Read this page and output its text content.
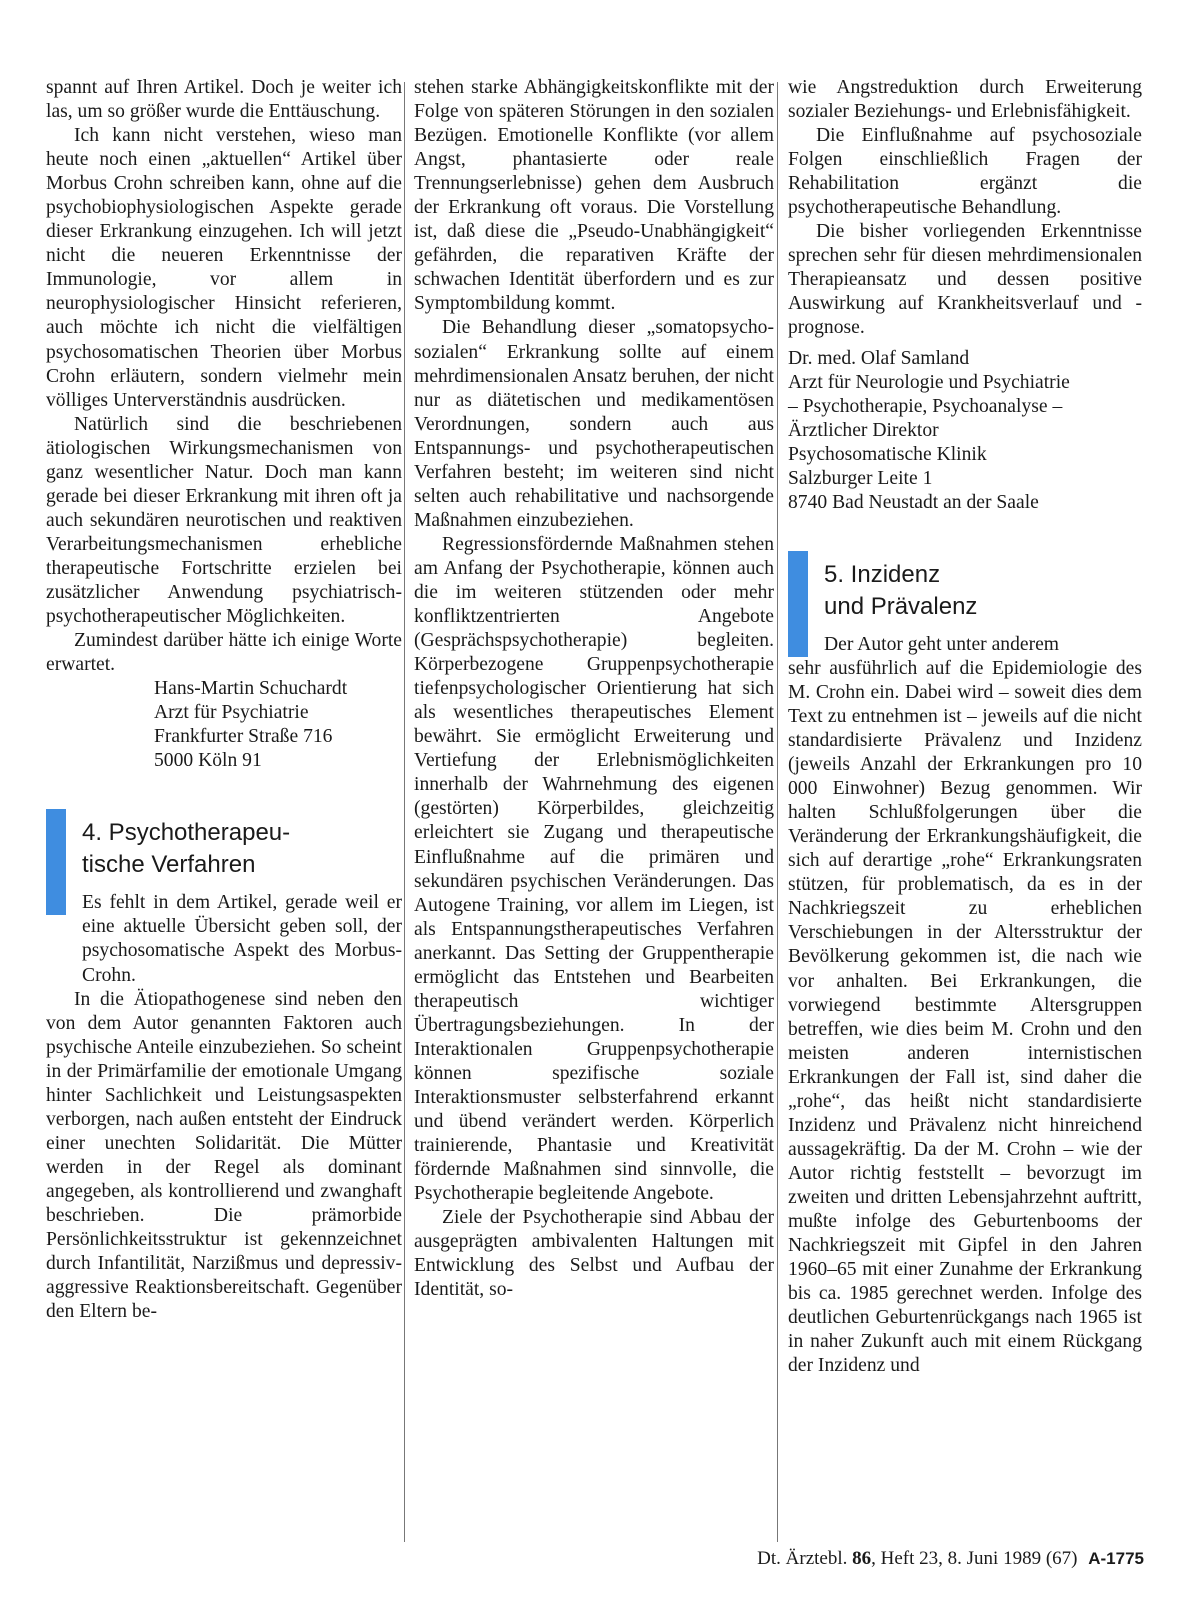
spannt auf Ihren Artikel. Doch je weiter ich las, um so größer wurde die Enttäuschung.

Ich kann nicht verstehen, wieso man heute noch einen „aktuellen“ Artikel über Morbus Crohn schreiben kann, ohne auf die psychobiophysiologischen Aspekte gerade dieser Erkrankung einzugehen. Ich will jetzt nicht die neueren Erkenntnisse der Immunologie, vor allem in neurophysiologischer Hinsicht referieren, auch möchte ich nicht die vielfältigen psychosomatischen Theorien über Morbus Crohn erläutern, sondern vielmehr mein völliges Unterverständnis ausdrücken.

Natürlich sind die beschriebenen ätiologischen Wirkungsmechanismen von ganz wesentlicher Natur. Doch man kann gerade bei dieser Erkrankung mit ihren oft ja auch sekundären neurotischen und reaktiven Verarbeitungsmechanismen erhebliche therapeutische Fortschritte erzielen bei zusätzlicher Anwendung psychiatrisch-psychotherapeutischer Möglichkeiten.

Zumindest darüber hätte ich einige Worte erwartet.

Hans-Martin Schuchardt
Arzt für Psychiatrie
Frankfurter Straße 716
5000 Köln 91
4. Psychotherapeu-
tische Verfahren

Es fehlt in dem Artikel, gerade weil er eine aktuelle Übersicht geben soll, der psychosomatische Aspekt des Morbus-Crohn.

In die Ätiopathogenese sind neben den von dem Autor genannten Faktoren auch psychische Anteile einzubeziehen. So scheint in der Primärfamilie der emotionale Umgang hinter Sachlichkeit und Leistungsaspekten verborgen, nach außen entsteht der Eindruck einer unechten Solidarität. Die Mütter werden in der Regel als dominant angegeben, als kontrollierend und zwanghaft beschrieben. Die prämorbide Persönlichkeitsstruktur ist gekennzeichnet durch Infantilität, Narzißmus und depressiv-aggressive Reaktionsbereitschaft. Gegenüber den Eltern be-

stehen starke Abhängigkeitskonflikte mit der Folge von späteren Störungen in den sozialen Bezügen. Emotionelle Konflikte (vor allem Angst, phantasierte oder reale Trennungserlebnisse) gehen dem Ausbruch der Erkrankung oft voraus. Die Vorstellung ist, daß diese die „Pseudo-Unabhängigkeit“ gefährden, die reparativen Kräfte der schwachen Identität überfordern und es zur Symptombildung kommt.

Die Behandlung dieser „somatopsycho-sozialen“ Erkrankung sollte auf einem mehrdimensionalen Ansatz beruhen, der nicht nur as diätetischen und medikamentösen Verordnungen, sondern auch aus Entspannungs- und psychotherapeutischen Verfahren besteht; im weiteren sind nicht selten auch rehabilitative und nachsorgende Maßnahmen einzubeziehen.

Regressionsfördernde Maßnahmen stehen am Anfang der Psychotherapie, können auch die im weiteren stützenden oder mehr konfliktzentrierten Angebote (Gesprächspsychotherapie) begleiten. Körperbezogene Gruppenpsychotherapie tiefenpsychologischer Orientierung hat sich als wesentliches therapeutisches Element bewährt. Sie ermöglicht Erweiterung und Vertiefung der Erlebnismöglichkeiten innerhalb der Wahrnehmung des eigenen (gestörten) Körperbildes, gleichzeitig erleichtert sie Zugang und therapeutische Einflußnahme auf die primären und sekundären psychischen Veränderungen. Das Autogene Training, vor allem im Liegen, ist als Entspannungstherapeutisches Verfahren anerkannt. Das Setting der Gruppentherapie ermöglicht das Entstehen und Bearbeiten therapeutisch wichtiger Übertragungsbeziehungen. In der Interaktionalen Gruppenpsychotherapie können spezifische soziale Interaktionsmuster selbsterfahrend erkannt und übend verändert werden. Körperlich trainierende, Phantasie und Kreativität fördernde Maßnahmen sind sinnvolle, die Psychotherapie begleitende Angebote.

Ziele der Psychotherapie sind Abbau der ausgeprägten ambivalenten Haltungen mit Entwicklung des Selbst und Aufbau der Identität, so-

wie Angstreduktion durch Erweiterung sozialer Beziehungs- und Erlebnisfähigkeit.

Die Einflußnahme auf psychosoziale Folgen einschließlich Fragen der Rehabilitation ergänzt die psychotherapeutische Behandlung.

Die bisher vorliegenden Erkenntnisse sprechen sehr für diesen mehrdimensionalen Therapieansatz und dessen positive Auswirkung auf Krankheitsverlauf und -prognose.

Dr. med. Olaf Samland
Arzt für Neurologie und Psychiatrie
– Psychotherapie, Psychoanalyse –
Ärztlicher Direktor
Psychosomatische Klinik
Salzburger Leite 1
8740 Bad Neustadt an der Saale
5. Inzidenz
und Prävalenz

Der Autor geht unter anderem

sehr ausführlich auf die Epidemiologie des M. Crohn ein. Dabei wird – soweit dies dem Text zu entnehmen ist – jeweils auf die nicht standardisierte Prävalenz und Inzidenz (jeweils Anzahl der Erkrankungen pro 10 000 Einwohner) Bezug genommen. Wir halten Schlußfolgerungen über die Veränderung der Erkrankungshäufigkeit, die sich auf derartige „rohe“ Erkrankungsraten stützen, für problematisch, da es in der Nachkriegszeit zu erheblichen Verschiebungen in der Altersstruktur der Bevölkerung gekommen ist, die nach wie vor anhalten. Bei Erkrankungen, die vorwiegend bestimmte Altersgruppen betreffen, wie dies beim M. Crohn und den meisten anderen internistischen Erkrankungen der Fall ist, sind daher die „rohe“, das heißt nicht standardisierte Inzidenz und Prävalenz nicht hinreichend aussagekräftig. Da der M. Crohn – wie der Autor richtig feststellt – bevorzugt im zweiten und dritten Lebensjahrzehnt auftritt, mußte infolge des Geburtenbooms der Nachkriegszeit mit Gipfel in den Jahren 1960–65 mit einer Zunahme der Erkrankung bis ca. 1985 gerechnet werden. Infolge des deutlichen Geburtenrückgangs nach 1965 ist in naher Zukunft auch mit einem Rückgang der Inzidenz und

Dt. Ärztebl. 86, Heft 23, 8. Juni 1989 (67) A-1775
